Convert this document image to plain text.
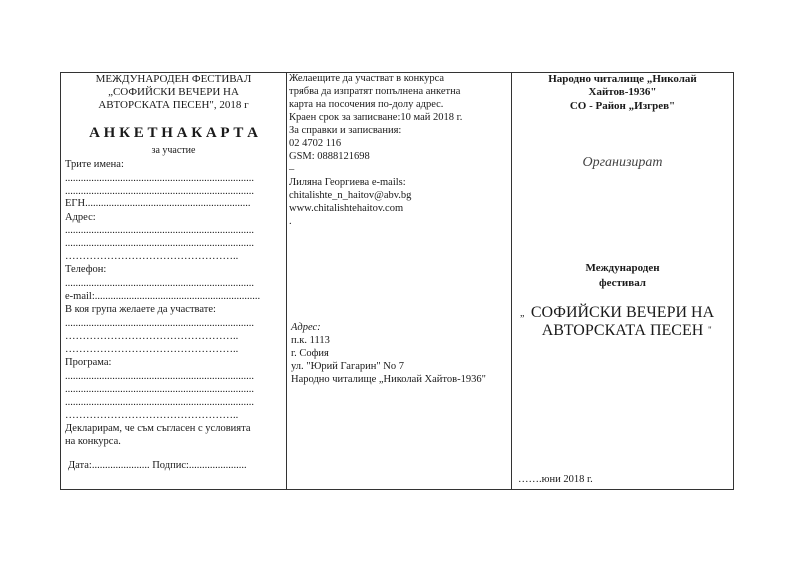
МЕЖДУНАРОДЕН ФЕСТИВАЛ
„СОФИЙСКИ ВЕЧЕРИ НА
АВТОРСКАТА ПЕСЕН", 2018 г
А Н К Е Т Н А К А Р Т А
за участие
Трите имена:
........................................................................
........................................................................
ЕГН...............................................................
Адрес:
........................................................................
........................................................................
…………………………………………..
Телефон:
........................................................................
e-mail:...............................................................
В коя група желаете да участвате:
........................................................................
…………………………………………..
…………………………………………..
Програма:
........................................................................
........................................................................
........................................................................
…………………………………………..
Декларирам, че съм съгласен с условията
на конкурса.
Дата:...................... Подпис:......................
Желаещите да участват в конкурса
трябва да изпратят попълнена анкетна
карта на посочения по-долу адрес.
Краен срок за записване:10 май 2018 г.
За справки и записвания:
02 4702 116
GSM: 0888121698
–
Лиляна Георгиева e-mails:
chitalishte_n_haitov@abv.bg
www.chitalishtehaitov.com
.
Адрес:
п.к. 1113
г. София
ул. "Юрий Гагарин" No 7
Народно читалище „Николай Хайтов-1936"
Народно читалище „Николай
Хайтов-1936"
СО - Район „Изгрев"
Организират
Международен
фестивал
„ СОФИЙСКИ ВЕЧЕРИ НА
АВТОРСКАТА ПЕСЕН "
…….юни 2018 г.
